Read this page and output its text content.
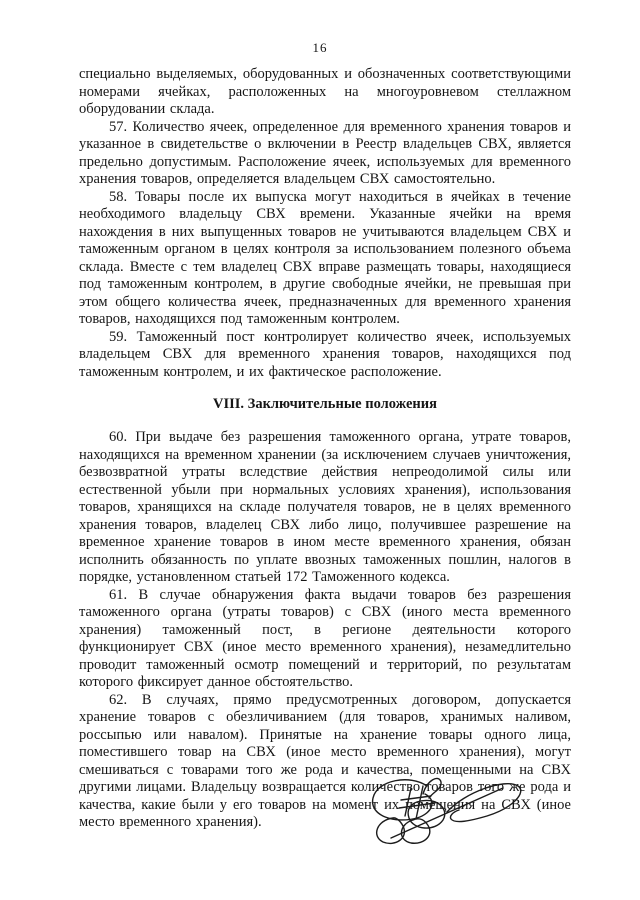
16

специально выделяемых, оборудованных и обозначенных соответствующими номерами ячейках, расположенных на многоуровневом стеллажном оборудовании склада.

57. Количество ячеек, определенное для временного хранения товаров и указанное в свидетельстве о включении в Реестр владельцев СВХ, является предельно допустимым. Расположение ячеек, используемых для временного хранения товаров, определяется владельцем СВХ самостоятельно.

58. Товары после их выпуска могут находиться в ячейках в течение необходимого владельцу СВХ времени. Указанные ячейки на время нахождения в них выпущенных товаров не учитываются владельцем СВХ и таможенным органом в целях контроля за использованием полезного объема склада. Вместе с тем владелец СВХ вправе размещать товары, находящиеся под таможенным контролем, в другие свободные ячейки, не превышая при этом общего количества ячеек, предназначенных для временного хранения товаров, находящихся под таможенным контролем.

59. Таможенный пост контролирует количество ячеек, используемых владельцем СВХ для временного хранения товаров, находящихся под таможенным контролем, и их фактическое расположение.

VIII. Заключительные положения

60. При выдаче без разрешения таможенного органа, утрате товаров, находящихся на временном хранении (за исключением случаев уничтожения, безвозвратной утраты вследствие действия непреодолимой силы или естественной убыли при нормальных условиях хранения), использования товаров, хранящихся на складе получателя товаров, не в целях временного хранения товаров, владелец СВХ либо лицо, получившее разрешение на временное хранение товаров в ином месте временного хранения, обязан исполнить обязанность по уплате ввозных таможенных пошлин, налогов в порядке, установленном статьей 172 Таможенного кодекса.

61. В случае обнаружения факта выдачи товаров без разрешения таможенного органа (утраты товаров) с СВХ (иного места временного хранения) таможенный пост, в регионе деятельности которого функционирует СВХ (иное место временного хранения), незамедлительно проводит таможенный осмотр помещений и территорий, по результатам которого фиксирует данное обстоятельство.

62. В случаях, прямо предусмотренных договором, допускается хранение товаров с обезличиванием (для товаров, хранимых наливом, россыпью или навалом). Принятые на хранение товары одного лица, поместившего товар на СВХ (иное место временного хранения), могут смешиваться с товарами того же рода и качества, помещенными на СВХ другими лицами. Владельцу возвращается количество товаров того же рода и качества, какие были у его товаров на момент их помещения на СВХ (иное место временного хранения).
